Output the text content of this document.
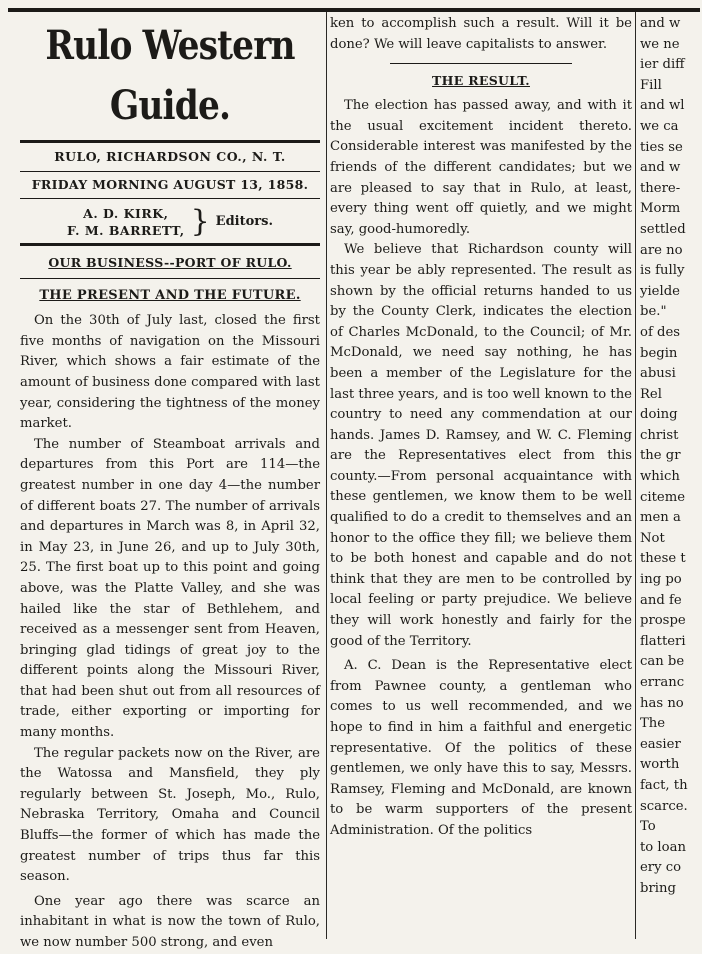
Rulo Western Guide.
RULO, RICHARDSON CO., N. T.
FRIDAY MORNING AUGUST 13, 1858.
A. D. KIRK,
F. M. BARRETT, } Editors.
OUR BUSINESS--PORT OF RULO.
THE PRESENT AND THE FUTURE.

On the 30th of July last, closed the first five months of navigation on the Missouri River, which shows a fair estimate of the amount of business done compared with last year, considering the tightness of the money market.

The number of Steamboat arrivals and departures from this Port are 114—the greatest number in one day 4—the number of different boats 27. The number of arrivals and departures in March was 8, in April 32, in May 23, in June 26, and up to July 30th, 25. The first boat up to this point and going above, was the Platte Valley, and she was hailed like the star of Bethlehem, and received as a messenger sent from Heaven, bringing glad tidings of great joy to the different points along the Missouri River, that had been shut out from all resources of trade, either exporting or importing for many months.

The regular packets now on the River, are the Watossa and Mansfield, they ply regularly between St. Joseph, Mo., Rulo, Nebraska Territory, Omaha and Council Bluffs—the former of which has made the greatest number of trips thus far this season.

One year ago there was scarce an inhabitant in what is now the town of Rulo, we now number 500 strong, and even

ken to accomplish such a result. Will it be done? We will leave capitalists to answer.

THE RESULT.

The election has passed away, and with it the usual excitement incident thereto. Considerable interest was manifested by the friends of the different candidates; but we are pleased to say that in Rulo, at least, every thing went off quietly, and we might say, good-humoredly.

We believe that Richardson county will this year be ably represented. The result as shown by the official returns handed to us by the County Clerk, indicates the election of Charles McDonald, to the Council; of Mr. McDonald, we need say nothing, he has been a member of the Legislature for the last three years, and is too well known to the country to need any commendation at our hands. James D. Ramsey, and W. C. Fleming are the Representatives elect from this county.—From personal acquaintance with these gentlemen, we know them to be well qualified to do a credit to themselves and an honor to the office they fill; we believe them to be both honest and capable and do not think that they are men to be controlled by local feeling or party prejudice. We believe they will work honestly and fairly for the good of the Territory.

A. C. Dean is the Representative elect from Pawnee county, a gentleman who comes to us well recommended, and we hope to find in him a faithful and energetic representative. Of the politics of these gentlemen, we only have this to say, Messrs. Ramsey, Fleming and McDonald, are known to be warm supporters of the present Administration. Of the politics

and w

we ne

ier diff

Fill

and wl

we ca

ties se

and w

there-

Morm

settled

are no

is fully

yielde

be."

of des

begin

abusi

Rel

doing

christ

the gr

which

citeme

men a

Not

these t

ing po

and fe

prospe

flatteri

can be

erranc

has no

The

easier

worth

fact, th

scarce.

To

to loan

ery co

bring
